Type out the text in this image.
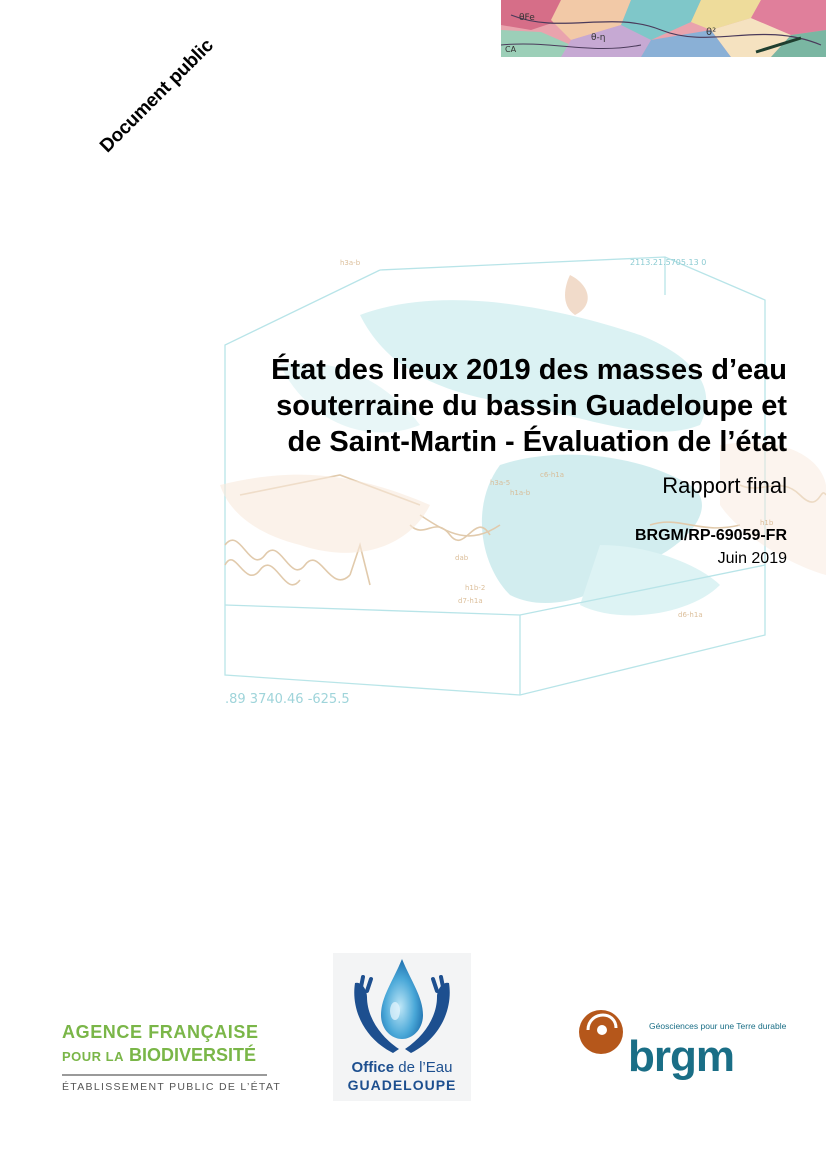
θFe
θ-η	θ²
CA
Document public
2113.21.5705.13 0
.89 3740.46 -625.5
h3a-b
h3a-5
h1a-b
c6-h1a
dab
h1b-2
d7-h1a
d6-h1a
h1b
État des lieux 2019 des masses d’eau
souterraine du bassin Guadeloupe et
de Saint-Martin - Évaluation de l’état
Rapport final
BRGM/RP-69059-FR
Juin 2019
AGENCE FRANÇAISE
POUR LA BIODIVERSITÉ
ÉTABLISSEMENT PUBLIC DE L’ÉTAT
Office de l’Eau
GUADELOUPE
Géosciences pour une Terre durable
brgm
